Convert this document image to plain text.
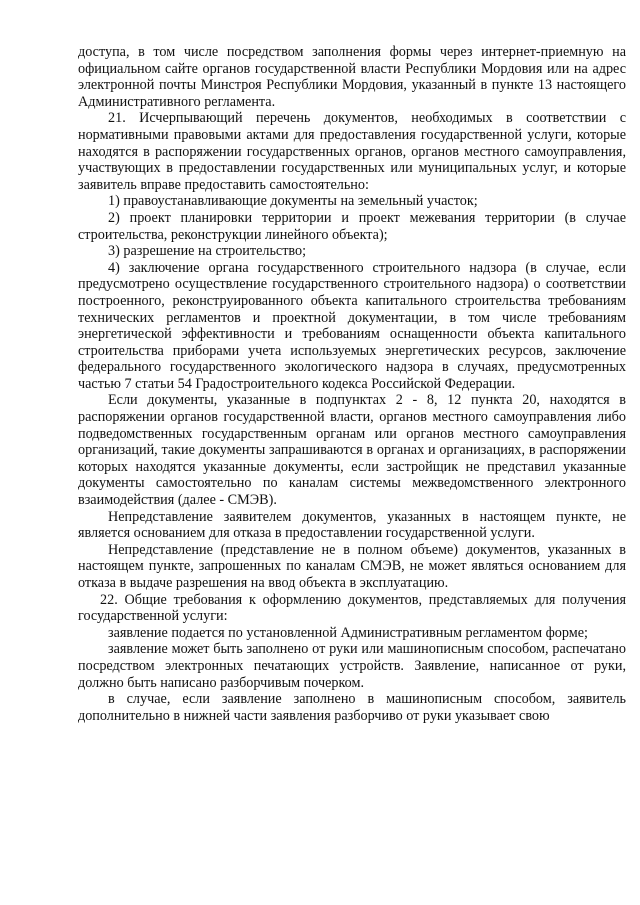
доступа, в том числе посредством заполнения формы через интернет-приемную на официальном сайте органов государственной власти Республики Мордовия или на адрес электронной почты Минстроя Республики Мордовия, указанный в пункте 13 настоящего Административного регламента.

21. Исчерпывающий перечень документов, необходимых в соответствии с нормативными правовыми актами для предоставления государственной услуги, которые находятся в распоряжении государственных органов, органов местного самоуправления, участвующих в предоставлении государственных или муниципальных услуг, и которые заявитель вправе предоставить самостоятельно:

1) правоустанавливающие документы на земельный участок;

2) проект планировки территории и проект межевания территории (в случае строительства, реконструкции линейного объекта);

3) разрешение на строительство;

4) заключение органа государственного строительного надзора (в случае, если предусмотрено осуществление государственного строительного надзора) о соответствии построенного, реконструированного объекта капитального строительства требованиям технических регламентов и проектной документации, в том числе требованиям энергетической эффективности и требованиям оснащенности объекта капитального строительства приборами учета используемых энергетических ресурсов, заключение федерального государственного экологического надзора в случаях, предусмотренных частью 7 статьи 54 Градостроительного кодекса Российской Федерации.

Если документы, указанные в подпунктах 2 - 8, 12 пункта 20, находятся в распоряжении органов государственной власти, органов местного самоуправления либо подведомственных государственным органам или органов местного самоуправления организаций, такие документы запрашиваются в органах и организациях, в распоряжении которых находятся указанные документы, если застройщик не представил указанные документы самостоятельно по каналам системы межведомственного электронного взаимодействия (далее - СМЭВ).

Непредставление заявителем документов, указанных в настоящем пункте, не является основанием для отказа в предоставлении государственной услуги.

Непредставление (представление не в полном объеме) документов, указанных в настоящем пункте, запрошенных по каналам СМЭВ, не может являться основанием для отказа в выдаче разрешения на ввод объекта в эксплуатацию.

22. Общие требования к оформлению документов, представляемых для получения государственной услуги:

заявление подается по установленной Административным регламентом форме;

заявление может быть заполнено от руки или машинописным способом, распечатано посредством электронных печатающих устройств. Заявление, написанное от руки, должно быть написано разборчивым почерком.

в случае, если заявление заполнено в машинописным способом, заявитель дополнительно в нижней части заявления разборчиво от руки указывает свою
